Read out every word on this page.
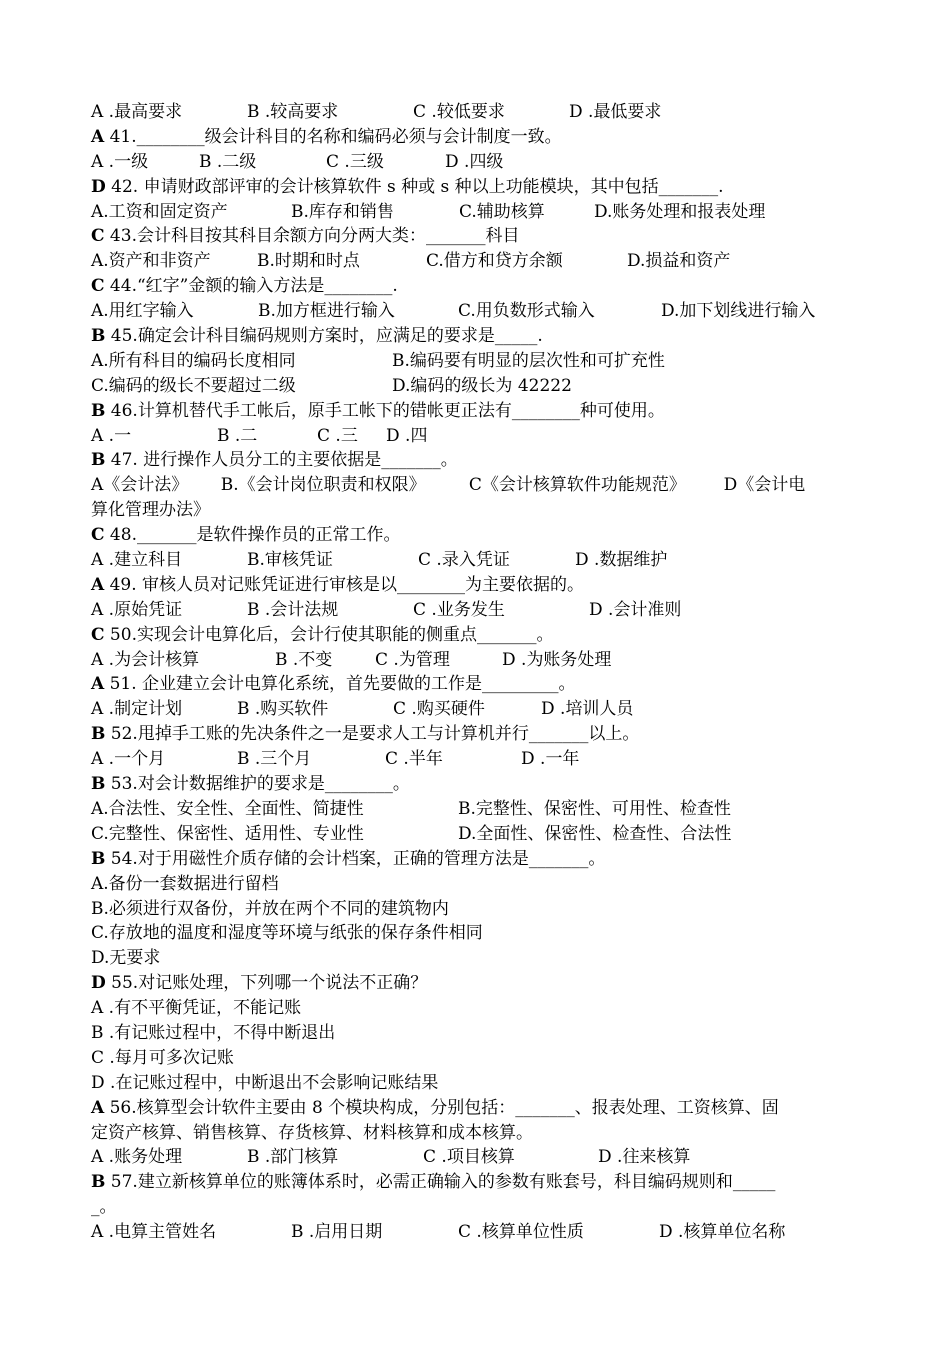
A .最高要求

	B .较高要求

	C .较低要求

	D .最低要求

A 41.________级会计科目的名称和编码必须与会计制度一致。

A .一级

	B .二级

	C .三级

	D .四级

D 42. 申请财政部评审的会计核算软件 s 种或 s 种以上功能模块，其中包括_______.

A.工资和固定资产

	B.库存和销售

	C.辅助核算

	D.账务处理和报表处理

C 43.会计科目按其科目余额方向分两大类：_______科目

A.资产和非资产

	B.时期和时点

	C.借方和贷方余额

	D.损益和资产

C 44.“红字”金额的输入方法是________.

A.用红字输入

	B.加方框进行输入

	C.用负数形式输入

	D.加下划线进行输入

B 45.确定会计科目编码规则方案时，应满足的要求是_____.

A.所有科目的编码长度相同

	B.编码要有明显的层次性和可扩充性

C.编码的级长不要超过二级

	D.编码的级长为 42222

B 46.计算机替代手工帐后，原手工帐下的错帐更正法有________种可使用。

A .一

	B .二

	C .三

D .四

B 47. 进行操作人员分工的主要依据是_______。
A《会计法》      B.《会计岗位职责和权限》        C《会计核算软件功能规范》       D《会计电
算化管理办法》
C 48._______是软件操作员的正常工作。

A .建立科目

	B.审核凭证

	C .录入凭证

	D .数据维护

A 49. 审核人员对记账凭证进行审核是以________为主要依据的。

A .原始凭证

	B .会计法规

	C .业务发生

	D .会计准则

C 50.实现会计电算化后，会计行使其职能的侧重点_______。

A .为会计核算

	B .不变

	C .为管理

	D .为账务处理

A 51. 企业建立会计电算化系统，首先要做的工作是_________。

A .制定计划

	B .购买软件

	C .购买硬件

	D .培训人员

B 52.甩掉手工账的先决条件之一是要求人工与计算机并行_______以上。

A .一个月

	B .三个月

	C .半年

	D .一年

B 53.对会计数据维护的要求是________。

A.合法性、安全性、全面性、简捷性

	B.完整性、保密性、可用性、检查性

C.完整性、保密性、适用性、专业性

	D.全面性、保密性、检查性、合法性

B 54.对于用磁性介质存储的会计档案，正确的管理方法是_______。
A.备份一套数据进行留档
B.必须进行双备份，并放在两个不同的建筑物内
C.存放地的温度和湿度等环境与纸张的保存条件相同
D.无要求
D 55.对记账处理，下列哪一个说法不正确？
A .有不平衡凭证，不能记账
B .有记账过程中，不得中断退出
C .每月可多次记账
D .在记账过程中，中断退出不会影响记账结果
A 56.核算型会计软件主要由 8 个模块构成，分别包括：_______、报表处理、工资核算、固
定资产核算、销售核算、存货核算、材料核算和成本核算。

A .账务处理

	B .部门核算

	C .项目核算

	D .往来核算

B 57.建立新核算单位的账簿体系时，必需正确输入的参数有账套号，科目编码规则和_____
_。

A .电算主管姓名

	B .启用日期

	C .核算单位性质

	D .核算单位名称
